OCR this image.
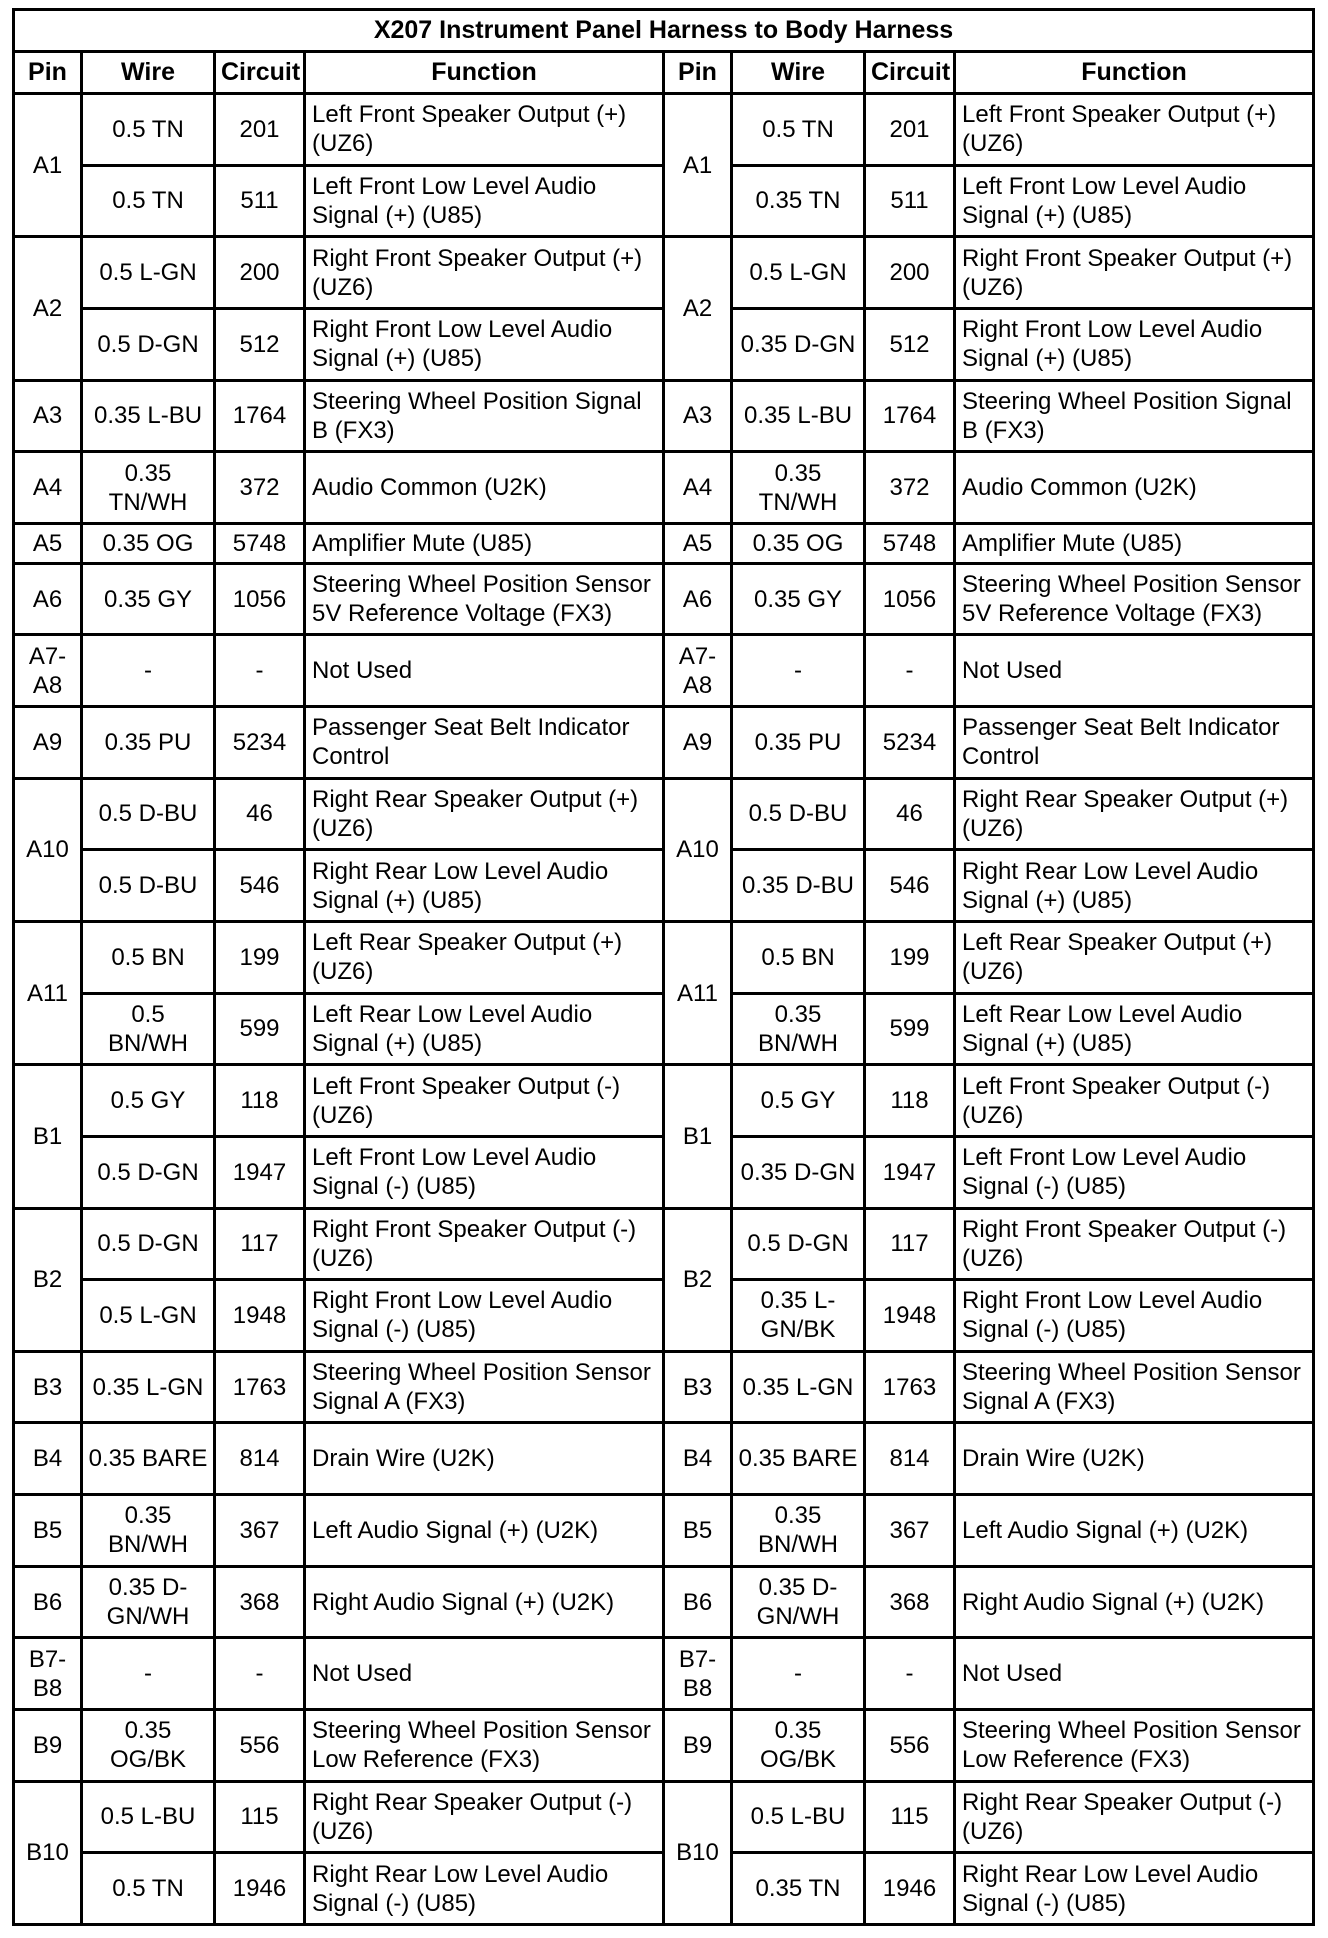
X207 Instrument Panel Harness to Body Harness							
Pin	Wire	Circuit	Function	Pin	Wire	Circuit	Function
A1	0.5 TN	201	Left Front Speaker Output (+) (UZ6)	A1	0.5 TN	201	Left Front Speaker Output (+) (UZ6)
	0.5 TN	511	Left Front Low Level Audio Signal (+) (U85)		0.35 TN	511	Left Front Low Level Audio Signal (+) (U85)
A2	0.5 L-GN	200	Right Front Speaker Output (+) (UZ6)	A2	0.5 L-GN	200	Right Front Speaker Output (+) (UZ6)
	0.5 D-GN	512	Right Front Low Level Audio Signal (+) (U85)		0.35 D-GN	512	Right Front Low Level Audio Signal (+) (U85)
A3	0.35 L-BU	1764	Steering Wheel Position Signal B (FX3)	A3	0.35 L-BU	1764	Steering Wheel Position Signal B (FX3)
A4	0.35 TN/WH	372	Audio Common (U2K)	A4	0.35 TN/WH	372	Audio Common (U2K)
A5	0.35 OG	5748	Amplifier Mute (U85)	A5	0.35 OG	5748	Amplifier Mute (U85)
A6	0.35 GY	1056	Steering Wheel Position Sensor 5V Reference Voltage (FX3)	A6	0.35 GY	1056	Steering Wheel Position Sensor 5V Reference Voltage (FX3)
A7-A8	-	-	Not Used	A7-A8	-	-	Not Used
A9	0.35 PU	5234	Passenger Seat Belt Indicator Control	A9	0.35 PU	5234	Passenger Seat Belt Indicator Control
A10	0.5 D-BU	46	Right Rear Speaker Output (+) (UZ6)	A10	0.5 D-BU	46	Right Rear Speaker Output (+) (UZ6)
	0.5 D-BU	546	Right Rear Low Level Audio Signal (+) (U85)		0.35 D-BU	546	Right Rear Low Level Audio Signal (+) (U85)
A11	0.5 BN	199	Left Rear Speaker Output (+) (UZ6)	A11	0.5 BN	199	Left Rear Speaker Output (+) (UZ6)
	0.5 BN/WH	599	Left Rear Low Level Audio Signal (+) (U85)		0.35 BN/WH	599	Left Rear Low Level Audio Signal (+) (U85)
B1	0.5 GY	118	Left Front Speaker Output (-) (UZ6)	B1	0.5 GY	118	Left Front Speaker Output (-) (UZ6)
	0.5 D-GN	1947	Left Front Low Level Audio Signal (-) (U85)		0.35 D-GN	1947	Left Front Low Level Audio Signal (-) (U85)
B2	0.5 D-GN	117	Right Front Speaker Output (-) (UZ6)	B2	0.5 D-GN	117	Right Front Speaker Output (-) (UZ6)
	0.5 L-GN	1948	Right Front Low Level Audio Signal (-) (U85)		0.35 L-GN/BK	1948	Right Front Low Level Audio Signal (-) (U85)
B3	0.35 L-GN	1763	Steering Wheel Position Sensor Signal A (FX3)	B3	0.35 L-GN	1763	Steering Wheel Position Sensor Signal A (FX3)
B4	0.35 BARE	814	Drain Wire (U2K)	B4	0.35 BARE	814	Drain Wire (U2K)
B5	0.35 BN/WH	367	Left Audio Signal (+) (U2K)	B5	0.35 BN/WH	367	Left Audio Signal (+) (U2K)
B6	0.35 D-GN/WH	368	Right Audio Signal (+) (U2K)	B6	0.35 D-GN/WH	368	Right Audio Signal (+) (U2K)
B7-B8	-	-	Not Used	B7-B8	-	-	Not Used
B9	0.35 OG/BK	556	Steering Wheel Position Sensor Low Reference (FX3)	B9	0.35 OG/BK	556	Steering Wheel Position Sensor Low Reference (FX3)
B10	0.5 L-BU	115	Right Rear Speaker Output (-) (UZ6)	B10	0.5 L-BU	115	Right Rear Speaker Output (-) (UZ6)
	0.5 TN	1946	Right Rear Low Level Audio Signal (-) (U85)		0.35 TN	1946	Right Rear Low Level Audio Signal (-) (U85)
